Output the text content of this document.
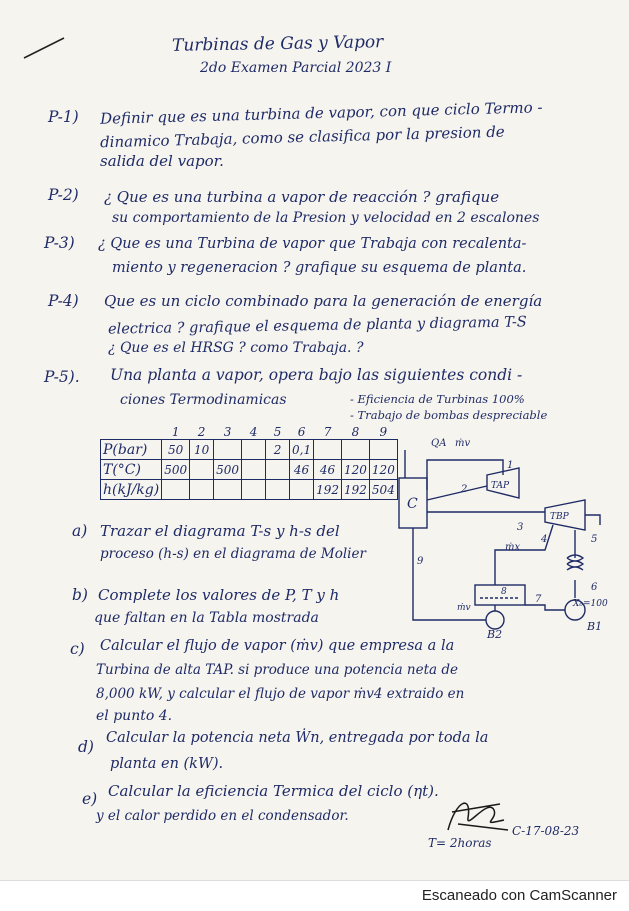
Turbinas de Gas y Vapor
2do Examen Parcial 2023 I
P-1) Definir que es una turbina de vapor, con que ciclo Termo -
dinamico Trabaja, como se clasifica por la presion de
salida del vapor.
P-2) ¿ Que es una turbina a vapor de reacción ? grafique
su comportamiento de la Presion y velocidad en 2 escalones
P-3) ¿ Que es una Turbina de vapor que Trabaja con recalenta-
miento y regeneracion ? grafique su esquema de planta.
P-4) Que es un ciclo combinado para la generación de energía
electrica ? grafique el esquema de planta y diagrama T-S
¿ Que es el HRSG ? como Trabaja. ?
P-5). Una planta a vapor, opera bajo las siguientes condi -
ciones Termodinamicas	- Eficiencia de Turbinas 100%
- Trabajo de bombas despreciable
	1	2	3	4	5	6	7	8	9
P(bar)	50	10			2	0,1			
T(°C)	500		500			46	46	120	120
h(kJ/kg)							192	192	504
C
TAP
TBP
QA ṁv
ṁx
ṁv	X₆=100
B1
B2
1
2
3
4	5
6
7
8
9
a) Trazar el diagrama T-s y h-s del
proceso (h-s) en el diagrama de Molier
b) Complete los valores de P, T y h
que faltan en la Tabla mostrada
c) Calcular el flujo de vapor (ṁv) que empresa a la
Turbina de alta TAP. si produce una potencia neta de
8,000 kW, y calcular el flujo de vapor ṁv4 extraido en
el punto 4.
d) Calcular la potencia neta Ẇn, entregada por toda la
planta en (kW).
e) Calcular la eficiencia Termica del ciclo (ηt).
y el calor perdido en el condensador.
T= 2horas
C-17-08-23
Escaneado con CamScanner
